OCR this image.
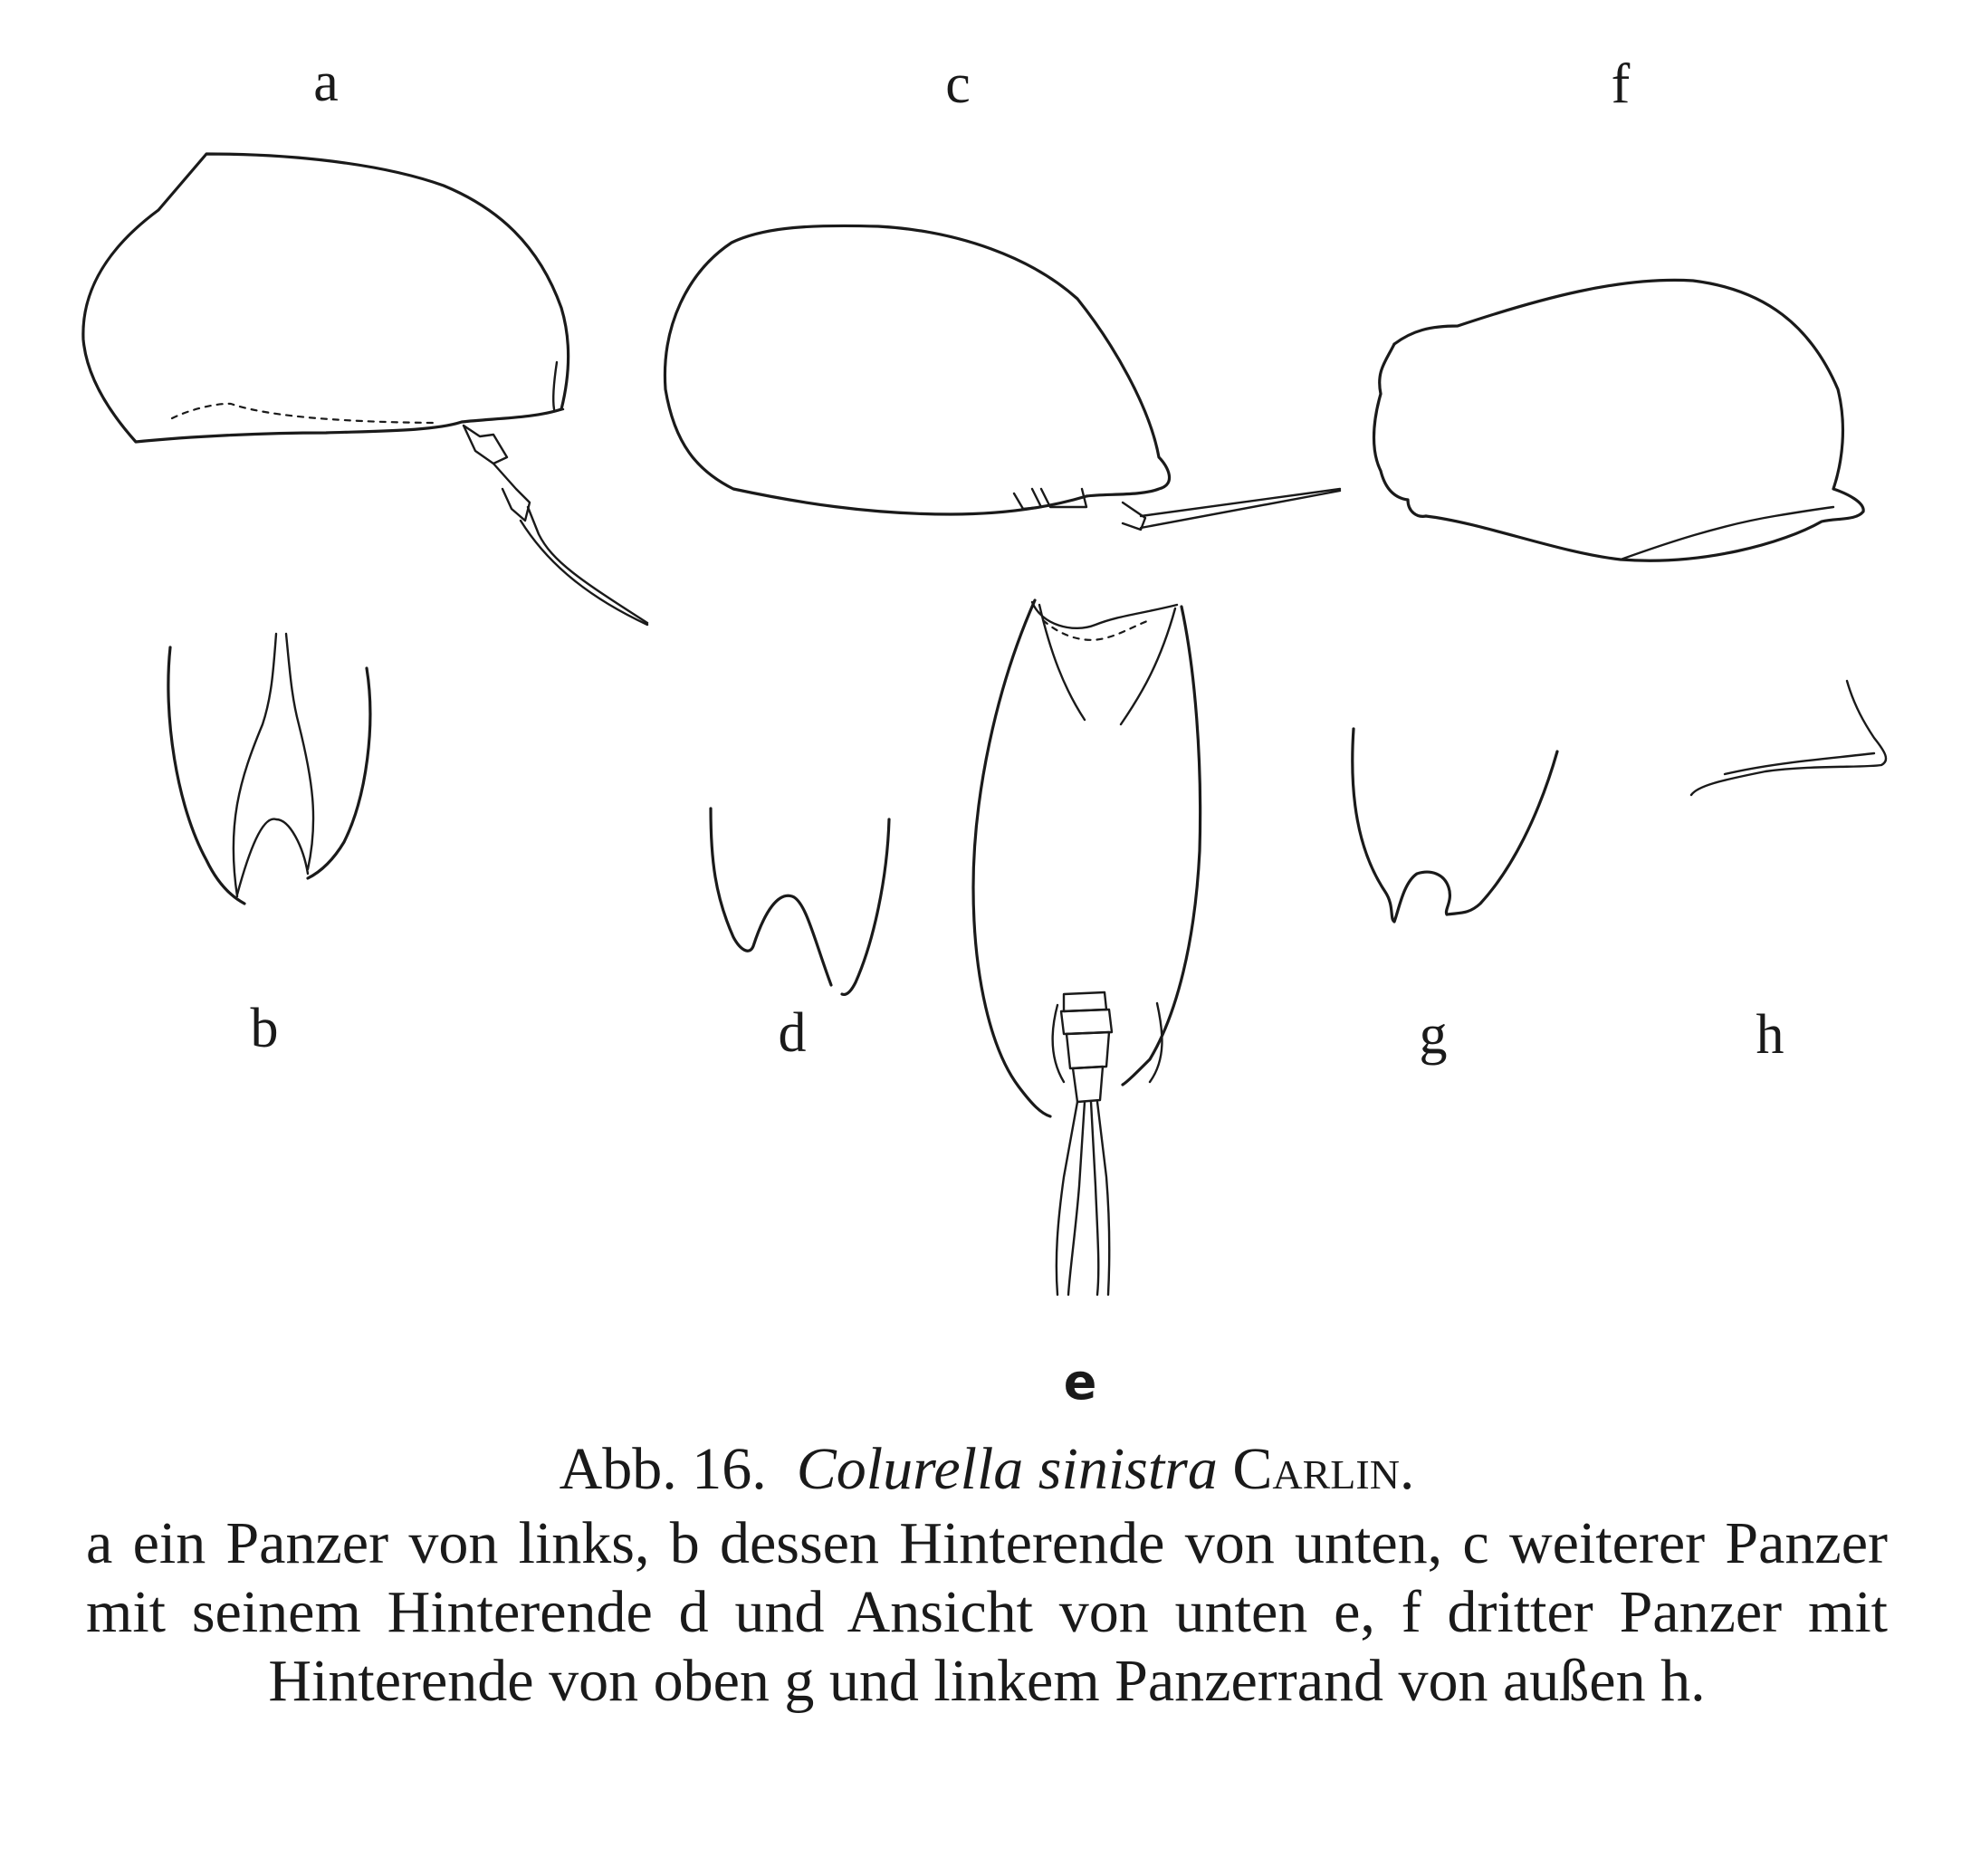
a	c	f
b	d	g	h
e
Abb. 16. Colurella sinistra Carlin.
a ein Panzer von links, b dessen Hinterende von unten, c weiterer Panzer mit seinem Hinterende d und Ansicht von unten e, f dritter Panzer mit Hinterende von oben g und linkem Panzerrand von außen h.
